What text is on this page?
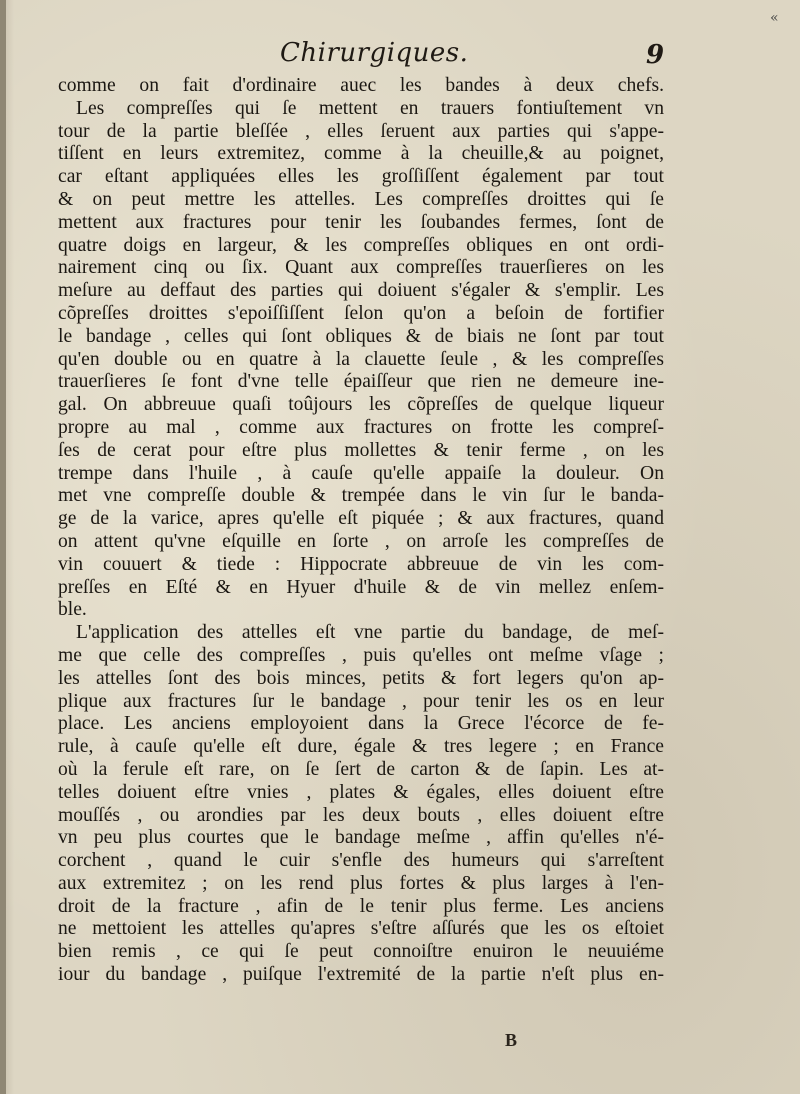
Chirurgiques.	9
«
comme on fait d'ordinaire auec les bandes à deux chefs.
Les compreſſes qui ſe mettent en trauers fontiuſtement vn
tour de la partie bleſſée , elles ſeruent aux parties qui s'appe-
tiſſent en leurs extremitez, comme à la cheuille,& au poignet,
car eſtant appliquées elles les groſſiſſent également par tout
& on peut mettre les attelles. Les compreſſes droittes qui ſe
mettent aux fractures pour tenir les ſoubandes fermes, ſont de
quatre doigs en largeur, & les compreſſes obliques en ont ordi-
nairement cinq ou ſix. Quant aux compreſſes trauerſieres on les
meſure au deffaut des parties qui doiuent s'égaler & s'emplir. Les
cõpreſſes droittes s'epoiſſiſſent ſelon qu'on a beſoin de fortifier
le bandage , celles qui ſont obliques & de biais ne ſont par tout
qu'en double ou en quatre à la clauette ſeule , & les compreſſes
trauerſieres ſe font d'vne telle épaiſſeur que rien ne demeure ine-
gal. On abbreuue quaſi toûjours les cõpreſſes de quelque liqueur
propre au mal , comme aux fractures on frotte les compreſ-
ſes de cerat pour eſtre plus mollettes & tenir ferme , on les
trempe dans l'huile , à cauſe qu'elle appaiſe la douleur. On
met vne compreſſe double & trempée dans le vin ſur le banda-
ge de la varice, apres qu'elle eſt piquée ; & aux fractures, quand
on attent qu'vne eſquille en ſorte , on arroſe les compreſſes de
vin couuert & tiede : Hippocrate abbreuue de vin les com-
preſſes en Eſté & en Hyuer d'huile & de vin mellez enſem-
ble.
L'application des attelles eſt vne partie du bandage, de meſ-
me que celle des compreſſes , puis qu'elles ont meſme vſage ;
les attelles ſont des bois minces, petits & fort legers qu'on ap-
plique aux fractures ſur le bandage , pour tenir les os en leur
place. Les anciens employoient dans la Grece l'écorce de fe-
rule, à cauſe qu'elle eſt dure, égale & tres legere ; en France
où la ferule eſt rare, on ſe ſert de carton & de ſapin. Les at-
telles doiuent eſtre vnies , plates & égales, elles doiuent eſtre
mouſſés , ou arondies par les deux bouts , elles doiuent eſtre
vn peu plus courtes que le bandage meſme , affin qu'elles n'é-
corchent , quand le cuir s'enfle des humeurs qui s'arreſtent
aux extremitez ; on les rend plus fortes & plus larges à l'en-
droit de la fracture , afin de le tenir plus ferme. Les anciens
ne mettoient les attelles qu'apres s'eſtre aſſurés que les os eſtoiet
bien remis , ce qui ſe peut connoiſtre enuiron le neuuiéme
iour du bandage , puiſque l'extremité de la partie n'eſt plus en-
B
